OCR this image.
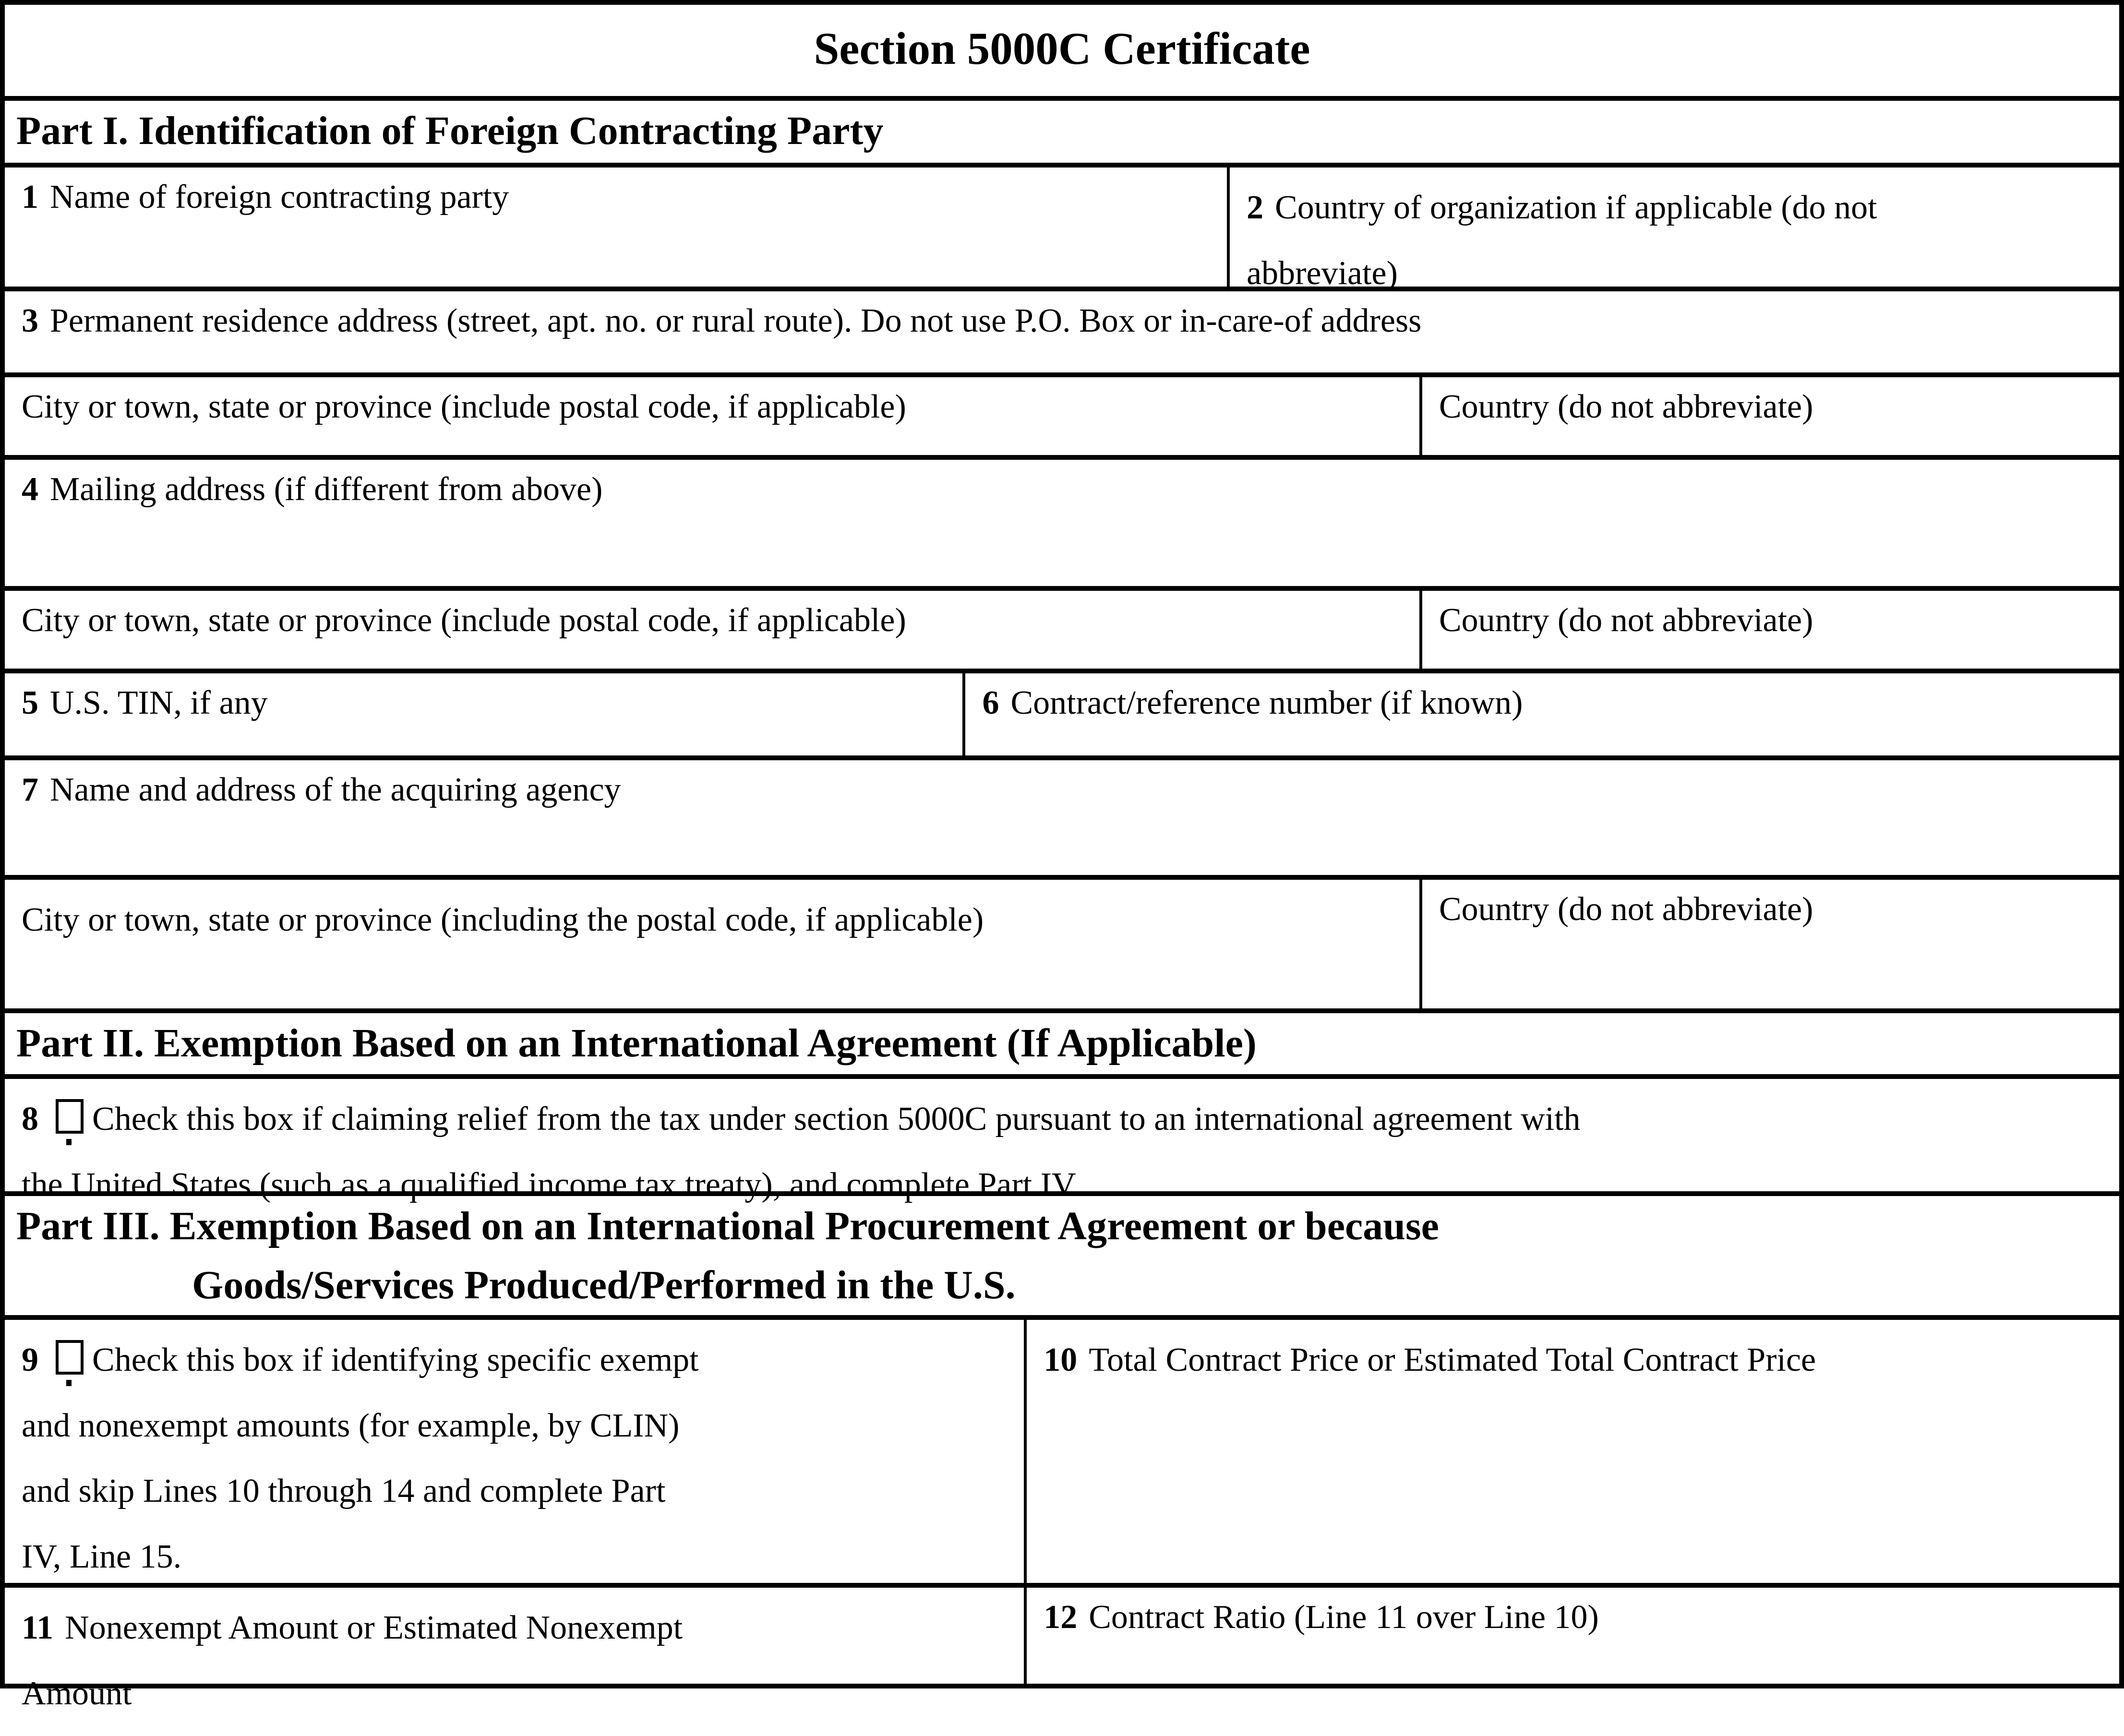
Section 5000C Certificate
Part I. Identification of Foreign Contracting Party
1 Name of foreign contracting party	2 Country of organization if applicable (do not abbreviate)
3 Permanent residence address (street, apt. no. or rural route). Do not use P.O. Box or in-care-of address
City or town, state or province (include postal code, if applicable)	Country (do not abbreviate)
4 Mailing address (if different from above)
City or town, state or province (include postal code, if applicable)	Country (do not abbreviate)
5 U.S. TIN, if any	6 Contract/reference number (if known)
7 Name and address of the acquiring agency
City or town, state or province (including the postal code, if applicable)	Country (do not abbreviate)
Part II. Exemption Based on an International Agreement (If Applicable)
8 Check this box if claiming relief from the tax under section 5000C pursuant to an international agreement with the United States (such as a qualified income tax treaty), and complete Part IV.
Part III. Exemption Based on an International Procurement Agreement or because
Goods/Services Produced/Performed in the U.S.
9 Check this box if identifying specific exempt and nonexempt amounts (for example, by CLIN) and skip Lines 10 through 14 and complete Part IV, Line 15.
10 Total Contract Price or Estimated Total Contract Price
11 Nonexempt Amount or Estimated Nonexempt Amount
12 Contract Ratio (Line 11 over Line 10)
